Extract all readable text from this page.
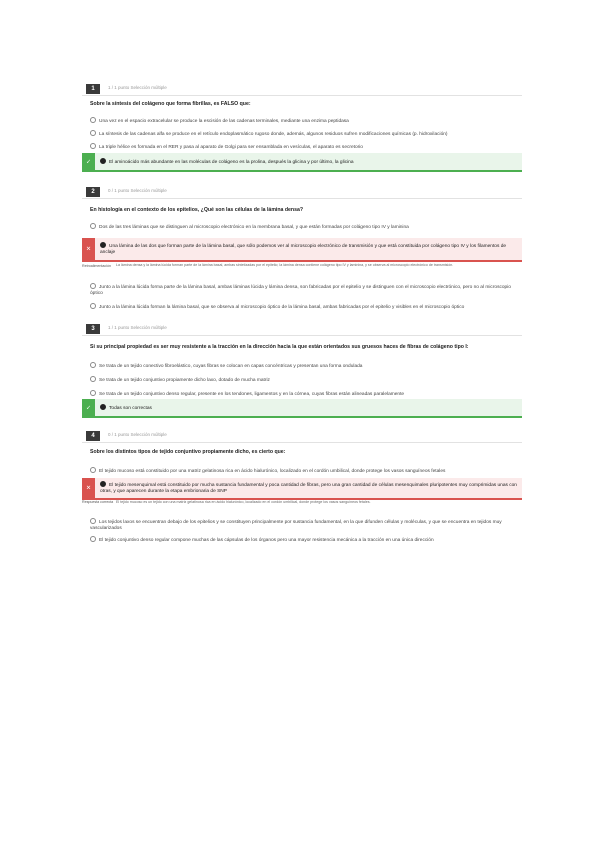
1	1 / 1 punto Selección múltiple
Sobre la síntesis del colágeno que forma fibrillas, es FALSO que:
Una vez en el espacio extracelular se produce la escisión de las cadenas terminales, mediante una enzima peptidasa
La síntesis de las cadenas alfa se produce en el retículo endoplasmático rugoso donde, además, algunos residuos sufren modificaciones químicas (p. hidroxilación)
La triple hélice es formada en el RER y pasa al aparato de Golgi para ser ensamblada en vesículas, el aparato es secretorio
✓	El aminoácido más abundante en las moléculas de colágeno es la prolina, después la glicina y por último, la glicina
2	0 / 1 punto Selección múltiple
En histología en el contexto de los epitelios, ¿Qué son las células de la lámina densa?
Dos de las tres láminas que se distinguen al microscopio electrónico en la membrana basal, y que están formadas por colágeno tipo IV y laminina
✕	Una lámina de las dos que forman parte de la lámina basal, que sólo podemos ver al microscopio electrónico de transmisión y que está constituida por colágeno tipo IV y los filamentos de anclaje
Retroalimentación La lámina densa y la lámina lúcida forman parte de la lámina basal, ambas sintetizadas por el epitelio; la lámina densa contiene colágeno tipo IV y laminina, y se observa al microscopio electrónico de transmisión.
Junto a la lámina lúcida forma parte de la lámina basal, ambas láminas lúcida y lámina densa, son fabricadas por el epitelio y se distinguen con el microscopio electrónico, pero no al microscopio óptico
Junto a la lámina lúcida forman la lámina basal, que se observa al microscopio óptico de la lámina basal, ambas fabricadas por el epitelio y visibles en el microscopio óptico
3	1 / 1 punto Selección múltiple
Si su principal propiedad es ser muy resistente a la tracción en la dirección hacia la que están orientados sus gruesos haces de fibras de colágeno tipo I:
Se trata de un tejido conectivo fibroelástico, cuyas fibras se colocan en capas concéntricas y presentan una forma ondulada
Se trata de un tejido conjuntivo propiamente dicho laxo, dotado de mucha matriz
Se trata de un tejido conjuntivo denso regular, presente en los tendones, ligamentos y en la córnea, cuyas fibras están alineadas paralelamente
✓	Todas son correctas
4	0 / 1 punto Selección múltiple
Sobre los distintos tipos de tejido conjuntivo propiamente dicho, es cierto que:
El tejido mucoso está constituido por una matriz gelatinosa rica en ácido hialurónico, localizado en el cordón umbilical, donde protege los vasos sanguíneos fetales
✕	El tejido mesenquimal está constituido por mucha sustancia fundamental y poca cantidad de fibras, pero una gran cantidad de células mesenquimales pluripotentes muy comprimidas unas con otras, y que aparecen durante la etapa embrionaria de SNP
Respuesta correcta El tejido mucoso es un tejido con una matriz gelatinosa rica en ácido hialurónico, localizado en el cordón umbilical, donde protege los vasos sanguíneos fetales.
Los tejidos laxos se encuentran debajo de los epitelios y se constituyen principalmente por sustancia fundamental, en la que difunden células y moléculas, y que se encuentra en tejidos muy vascularizados
El tejido conjuntivo denso regular compone muchas de las cápsulas de los órganos pero una mayor resistencia mecánica a la tracción en una única dirección
